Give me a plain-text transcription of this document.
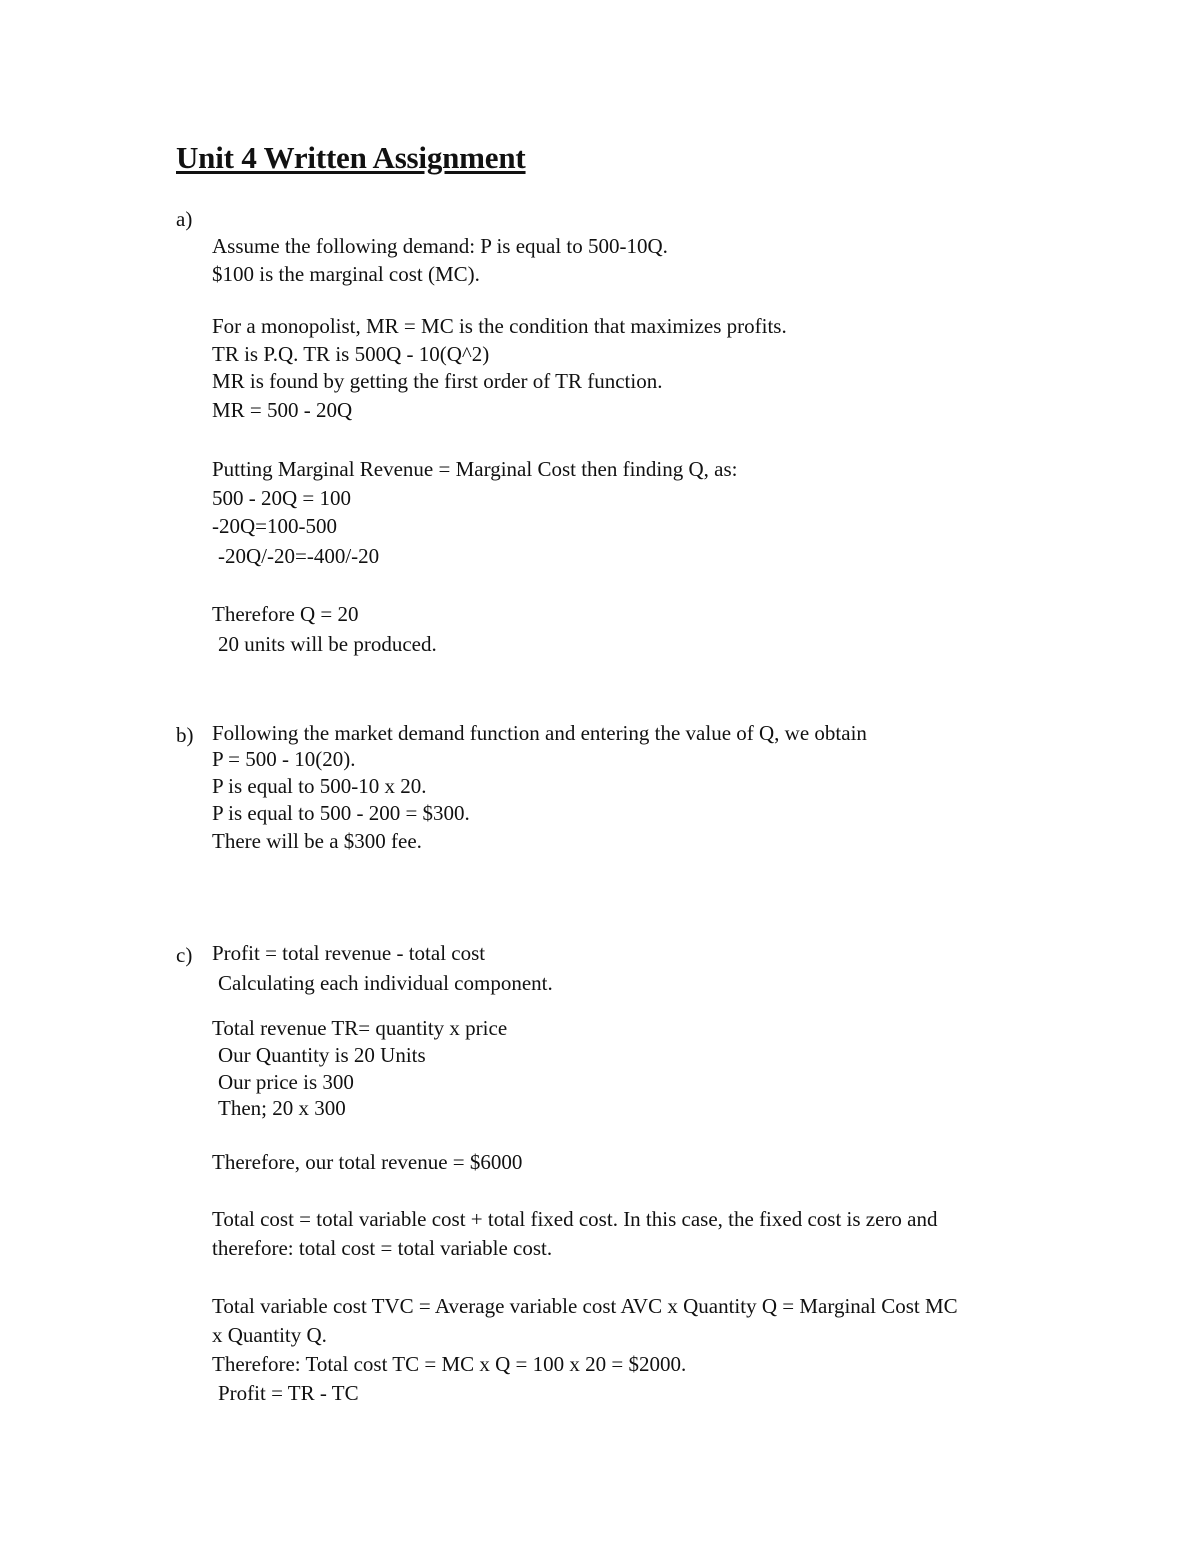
Unit 4 Written Assignment
a)
Assume the following demand: P is equal to 500-10Q.
$100 is the marginal cost (MC).
For a monopolist, MR = MC is the condition that maximizes profits.
TR is P.Q. TR is 500Q - 10(Q^2)
MR is found by getting the first order of TR function.
MR = 500 - 20Q
Putting Marginal Revenue = Marginal Cost then finding Q, as:
500 - 20Q = 100
-20Q=100-500
-20Q/-20=-400/-20
Therefore Q = 20
20 units will be produced.
b) Following the market demand function and entering the value of Q, we obtain
P = 500 - 10(20).
P is equal to 500-10 x 20.
P is equal to 500 - 200 = $300.
There will be a $300 fee.
c) Profit = total revenue - total cost
Calculating each individual component.
Total revenue TR= quantity x price
Our Quantity is 20 Units
Our price is 300
Then; 20 x 300
Therefore, our total revenue = $6000
Total cost = total variable cost + total fixed cost. In this case, the fixed cost is zero and
therefore: total cost = total variable cost.
Total variable cost TVC = Average variable cost AVC x Quantity Q = Marginal Cost MC
x Quantity Q.
Therefore: Total cost TC = MC x Q = 100 x 20 = $2000.
Profit = TR - TC
